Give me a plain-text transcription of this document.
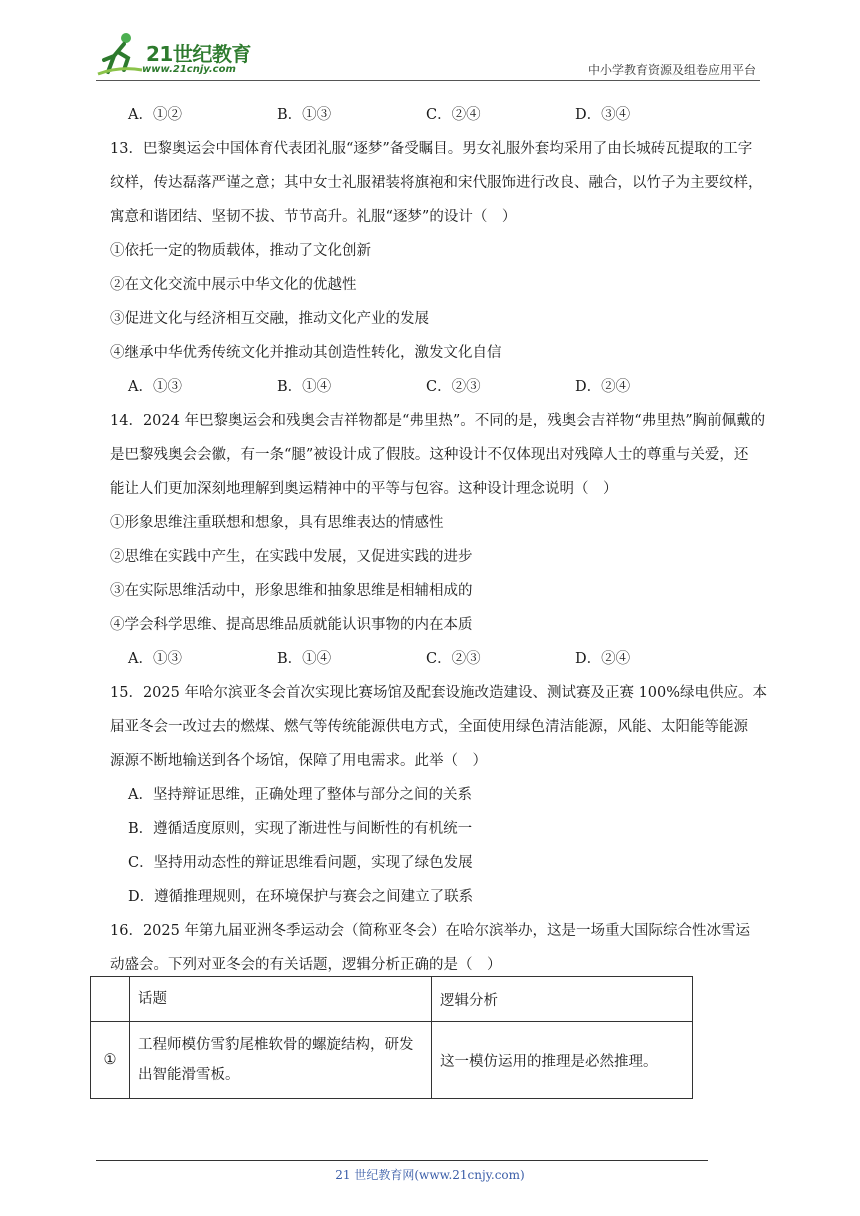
21世纪教育
www.21cnjy.com	中小学教育资源及组卷应用平台
A．①②	B．①③	C．②④	D．③④
13．巴黎奥运会中国体育代表团礼服“逐梦”备受瞩目。男女礼服外套均采用了由长城砖瓦提取的工字
纹样，传达磊落严谨之意；其中女士礼服裙装将旗袍和宋代服饰进行改良、融合，以竹子为主要纹样，
寓意和谐团结、坚韧不拔、节节高升。礼服“逐梦”的设计（　）
①依托一定的物质载体，推动了文化创新
②在文化交流中展示中华文化的优越性
③促进文化与经济相互交融，推动文化产业的发展
④继承中华优秀传统文化并推动其创造性转化，激发文化自信
A．①③	B．①④	C．②③	D．②④
14．2024 年巴黎奥运会和残奥会吉祥物都是“弗里热”。不同的是，残奥会吉祥物“弗里热”胸前佩戴的
是巴黎残奥会会徽，有一条“腿”被设计成了假肢。这种设计不仅体现出对残障人士的尊重与关爱，还
能让人们更加深刻地理解到奥运精神中的平等与包容。这种设计理念说明（　）
①形象思维注重联想和想象，具有思维表达的情感性
②思维在实践中产生，在实践中发展，又促进实践的进步
③在实际思维活动中，形象思维和抽象思维是相辅相成的
④学会科学思维、提高思维品质就能认识事物的内在本质
A．①③	B．①④	C．②③	D．②④
15．2025 年哈尔滨亚冬会首次实现比赛场馆及配套设施改造建设、测试赛及正赛 100%绿电供应。本
届亚冬会一改过去的燃煤、燃气等传统能源供电方式，全面使用绿色清洁能源，风能、太阳能等能源
源源不断地输送到各个场馆，保障了用电需求。此举（　）
A．坚持辩证思维，正确处理了整体与部分之间的关系
B．遵循适度原则，实现了渐进性与间断性的有机统一
C．坚持用动态性的辩证思维看问题，实现了绿色发展
D．遵循推理规则，在环境保护与赛会之间建立了联系
16．2025 年第九届亚洲冬季运动会（简称亚冬会）在哈尔滨举办，这是一场重大国际综合性冰雪运
动盛会。下列对亚冬会的有关话题，逻辑分析正确的是（　）
	话题	逻辑分析
①	工程师模仿雪豹尾椎软骨的螺旋结构，研发出智能滑雪板。	这一模仿运用的推理是必然推理。
21 世纪教育网(www.21cnjy.com)
